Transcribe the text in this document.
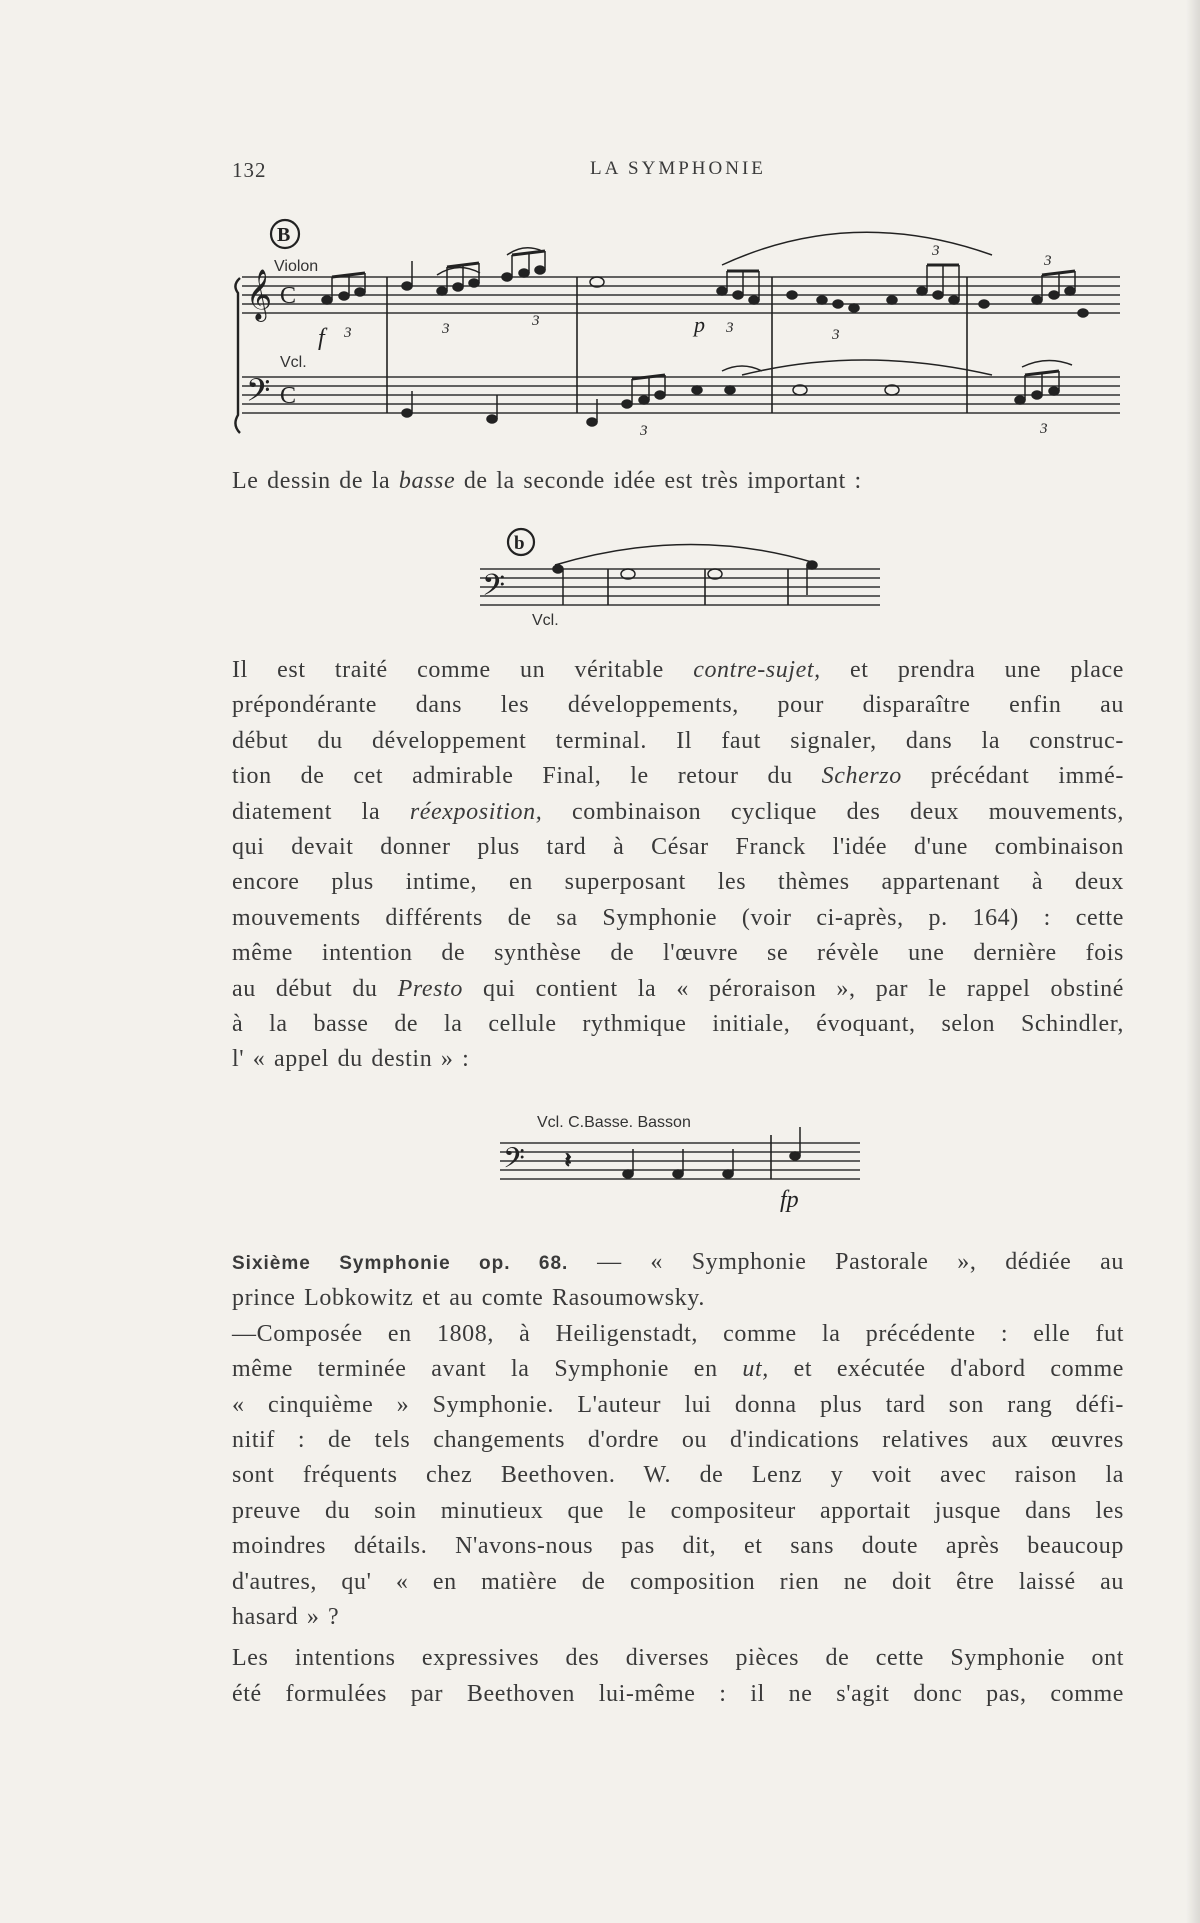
132	LA SYMPHONIE
B
Violon
Vcl.
𝄞
𝄢
C
C
f
p
3	3	3	3	3
3
3
3	3
Le dessin de la basse de la seconde idée est très important :
b
𝄢
Vcl.
Il est traité comme un véritable contre-sujet, et prendra une place
prépondérante dans les développements, pour disparaître enfin au
début du développement terminal. Il faut signaler, dans la construc-
tion de cet admirable Final, le retour du Scherzo précédant immé-
diatement la réexposition, combinaison cyclique des deux mouvements,
qui devait donner plus tard à César Franck l'idée d'une combinaison
encore plus intime, en superposant les thèmes appartenant à deux
mouvements différents de sa Symphonie (voir ci-après, p. 164) : cette
même intention de synthèse de l'œuvre se révèle une dernière fois
au début du Presto qui contient la « péroraison », par le rappel obstiné
à la basse de la cellule rythmique initiale, évoquant, selon Schindler,
l' « appel du destin » :
Vcl. C.Basse. Basson
𝄢 𝄽
fp
Sixième Symphonie op. 68. — « Symphonie Pastorale », dédiée au
prince Lobkowitz et au comte Rasoumowsky.
—Composée en 1808, à Heiligenstadt, comme la précédente : elle fut
même terminée avant la Symphonie en ut, et exécutée d'abord comme
« cinquième » Symphonie. L'auteur lui donna plus tard son rang défi-
nitif : de tels changements d'ordre ou d'indications relatives aux œuvres
sont fréquents chez Beethoven. W. de Lenz y voit avec raison la
preuve du soin minutieux que le compositeur apportait jusque dans les
moindres détails. N'avons-nous pas dit, et sans doute après beaucoup
d'autres, qu' « en matière de composition rien ne doit être laissé au
hasard » ?
Les intentions expressives des diverses pièces de cette Symphonie ont
été formulées par Beethoven lui-même : il ne s'agit donc pas, comme
